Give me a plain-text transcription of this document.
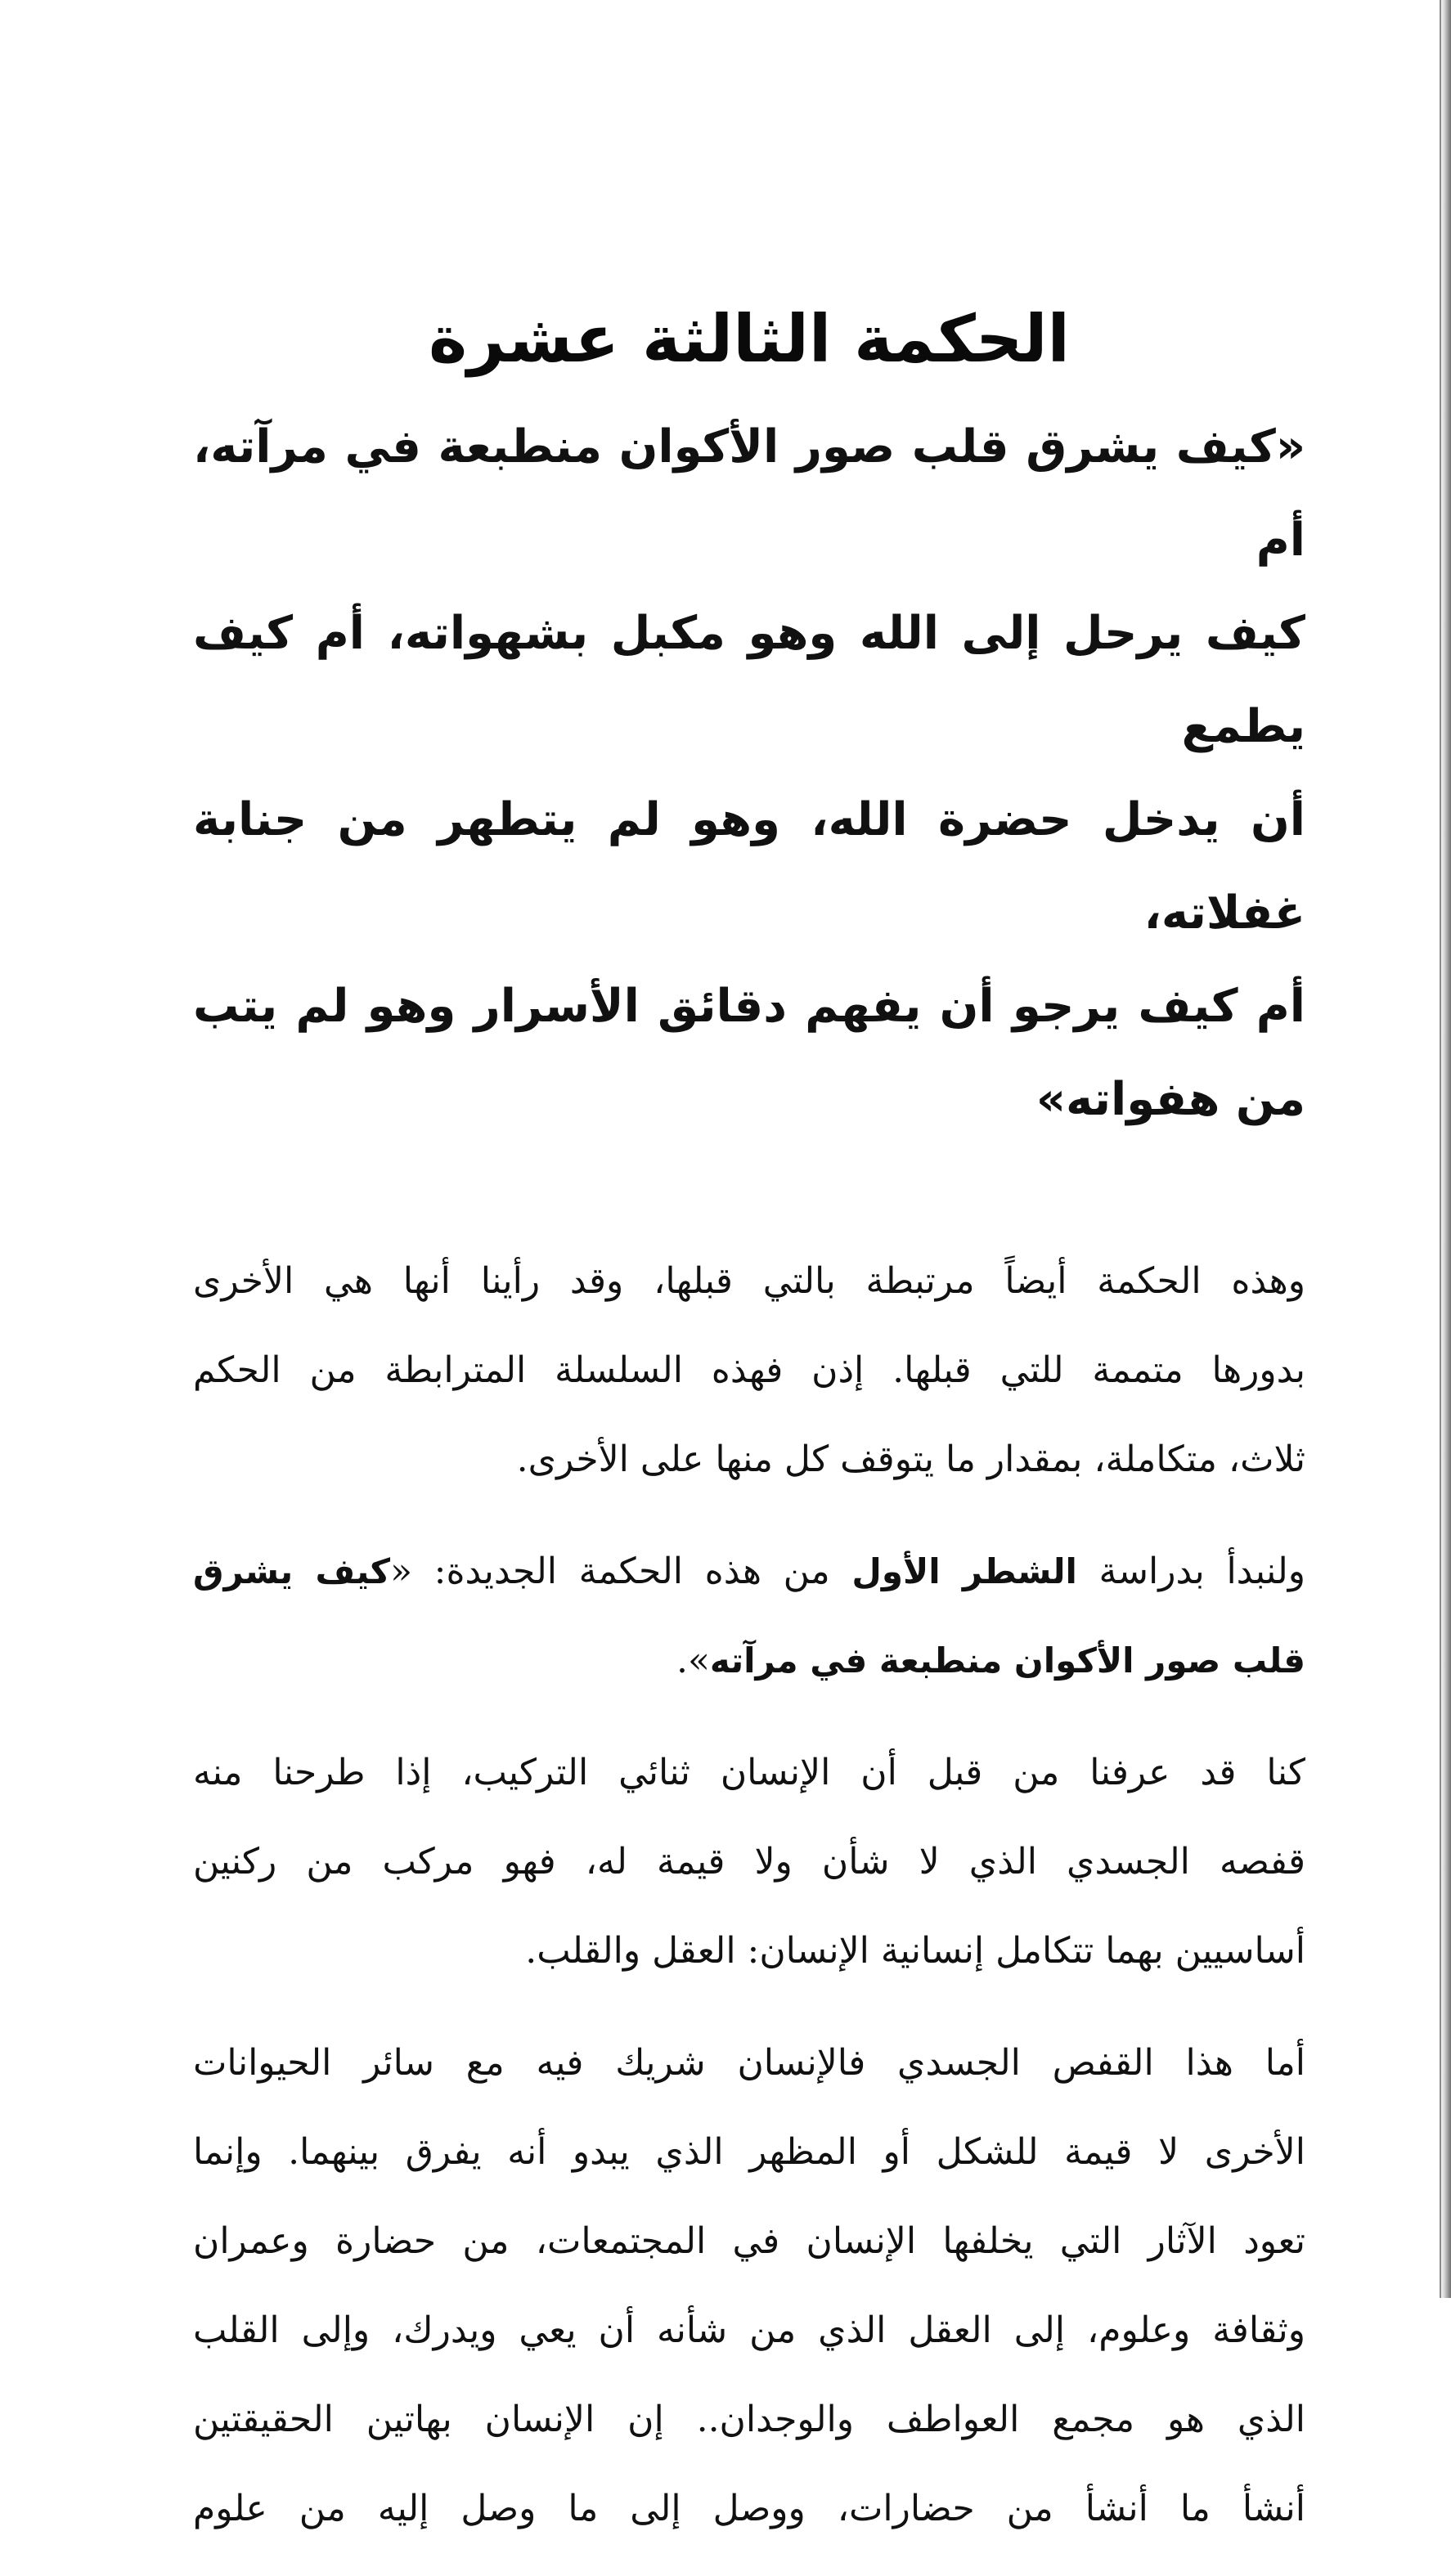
الحكمة الثالثة عشرة
«كيف يشرق قلب صور الأكوان منطبعة في مرآته، أم
كيف يرحل إلى الله وهو مكبل بشهواته، أم كيف يطمع
أن يدخل حضرة الله، وهو لم يتطهر من جنابة غفلاته،
أم كيف يرجو أن يفهم دقائق الأسرار وهو لم يتب من هفواته»
وهذه الحكمة أيضاً مرتبطة بالتي قبلها، وقد رأينا أنها هي الأخرى
بدورها متممة للتي قبلها. إذن فهذه السلسلة المترابطة من الحكم
ثلاث، متكاملة، بمقدار ما يتوقف كل منها على الأخرى.
ولنبدأ بدراسة الشطر الأول من هذه الحكمة الجديدة: «كيف يشرق
قلب صور الأكوان منطبعة في مرآته».
كنا قد عرفنا من قبل أن الإنسان ثنائي التركيب، إذا طرحنا منه
قفصه الجسدي الذي لا شأن ولا قيمة له، فهو مركب من ركنين
أساسيين بهما تتكامل إنسانية الإنسان: العقل والقلب.
أما هذا القفص الجسدي فالإنسان شريك فيه مع سائر الحيوانات
الأخرى لا قيمة للشكل أو المظهر الذي يبدو أنه يفرق بينهما. وإنما
تعود الآثار التي يخلفها الإنسان في المجتمعات، من حضارة وعمران
وثقافة وعلوم، إلى العقل الذي من شأنه أن يعي ويدرك، وإلى القلب
الذي هو مجمع العواطف والوجدان.. إن الإنسان بهاتين الحقيقتين
أنشأ ما أنشأ من حضارات، ووصل إلى ما وصل إليه من علوم
